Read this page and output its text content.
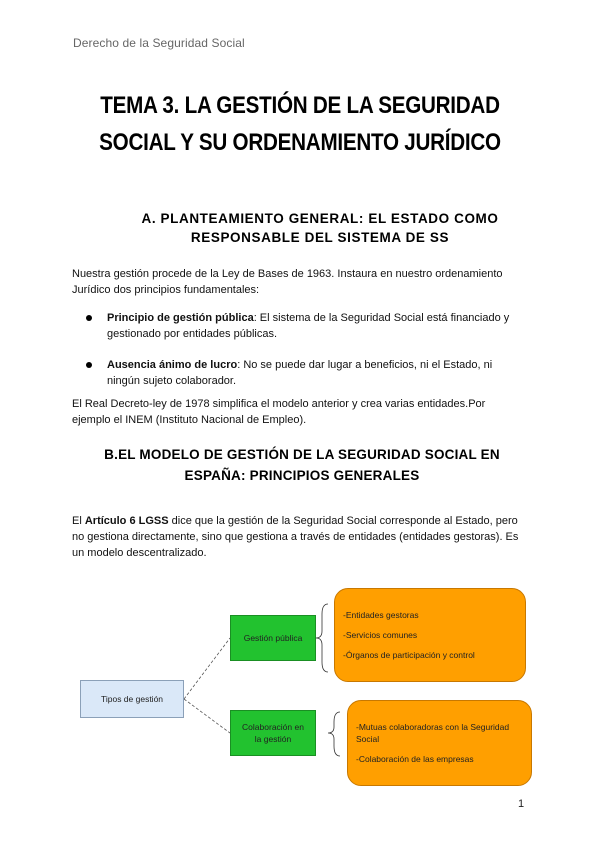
Derecho de la Seguridad Social
TEMA 3. LA GESTIÓN DE LA SEGURIDAD
SOCIAL Y SU ORDENAMIENTO JURÍDICO
A. PLANTEAMIENTO GENERAL: EL ESTADO COMO
RESPONSABLE DEL SISTEMA DE SS
Nuestra gestión procede de la Ley de Bases de 1963. Instaura en nuestro ordenamiento
Jurídico dos principios fundamentales:
Principio de gestión pública: El sistema de la Seguridad Social está financiado y
gestionado por entidades públicas.
Ausencia ánimo de lucro: No se puede dar lugar a beneficios, ni el Estado, ni
ningún sujeto colaborador.
El Real Decreto-ley de 1978 simplifica el modelo anterior y crea varias entidades.Por
ejemplo el INEM (Instituto Nacional de Empleo).
B.EL MODELO DE GESTIÓN DE LA SEGURIDAD SOCIAL EN
ESPAÑA: PRINCIPIOS GENERALES
El Artículo 6 LGSS dice que la gestión de la Seguridad Social corresponde al Estado, pero
no gestiona directamente, sino que gestiona a través de entidades (entidades gestoras). Es
un modelo descentralizado.
Tipos de gestión
Gestión pública
Colaboración en
la gestión
-Entidades gestoras
-Servicios comunes
-Órganos de participación y control
-Mutuas colaboradoras con la Seguridad
Social
-Colaboración de las empresas
1
